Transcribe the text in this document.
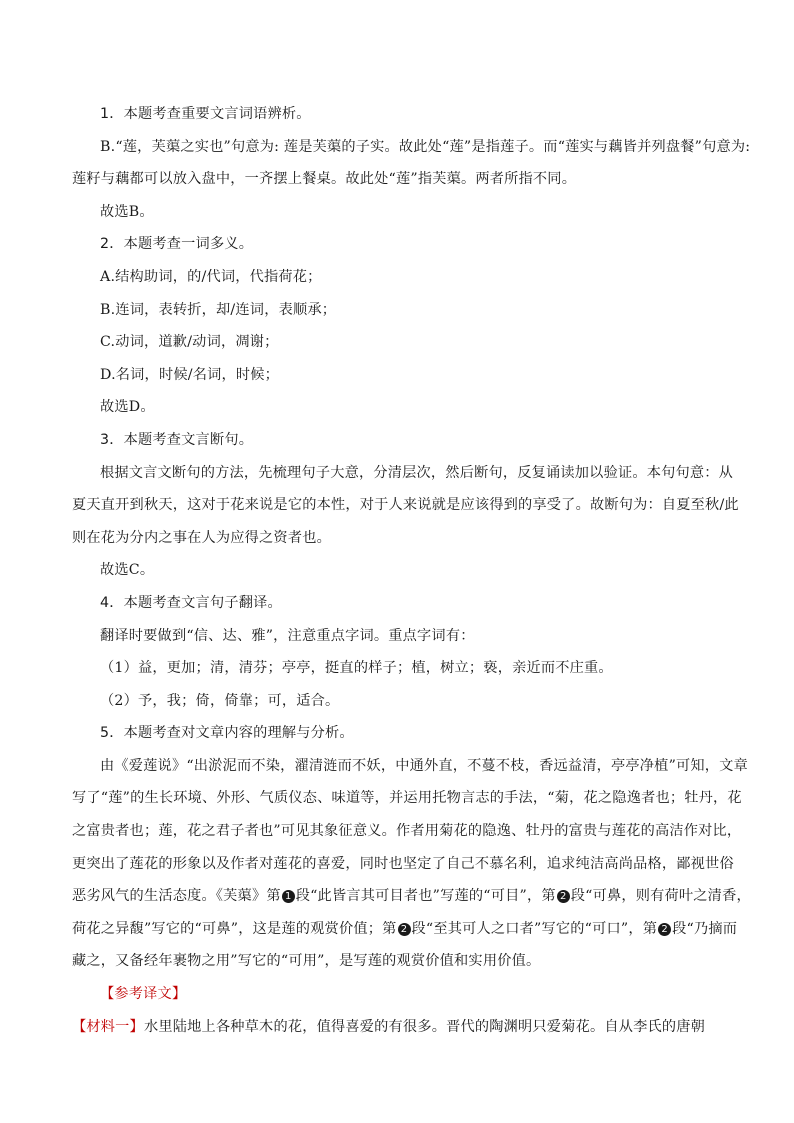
1．本题考查重要文言词语辨析。
B.“莲，芙蕖之实也”句意为: 莲是芙蕖的子实。故此处“莲”是指莲子。而“莲实与藕皆并列盘餐”句意为:
莲籽与藕都可以放入盘中，一齐摆上餐桌。故此处“莲”指芙蕖。两者所指不同。
故选B。
2．本题考查一词多义。
A.结构助词，的/代词，代指荷花；
B.连词，表转折，却/连词，表顺承；
C.动词，道歉/动词，凋谢；
D.名词，时候/名词，时候；
故选D。
3．本题考查文言断句。
根据文言文断句的方法，先梳理句子大意，分清层次，然后断句，反复诵读加以验证。本句句意：从
夏天直开到秋天，这对于花来说是它的本性，对于人来说就是应该得到的享受了。故断句为：自夏至秋/此
则在花为分内之事在人为应得之资者也。
故选C。
4．本题考查文言句子翻译。
翻译时要做到“信、达、雅”，注意重点字词。重点字词有：
（1）益，更加；清，清芬；亭亭，挺直的样子；植，树立；亵，亲近而不庄重。
（2）予，我；倚，倚靠；可，适合。
5．本题考查对文章内容的理解与分析。
由《爱莲说》“出淤泥而不染，濯清涟而不妖，中通外直，不蔓不枝，香远益清，亭亭净植”可知，文章
写了“莲”的生长环境、外形、气质仪态、味道等，并运用托物言志的手法，“菊，花之隐逸者也；牡丹，花
之富贵者也；莲，花之君子者也”可见其象征意义。作者用菊花的隐逸、牡丹的富贵与莲花的高洁作对比，
更突出了莲花的形象以及作者对莲花的喜爱，同时也坚定了自己不慕名利，追求纯洁高尚品格，鄙视世俗
恶劣风气的生活态度。《芙蕖》第 1 段“此皆言其可目者也”写莲的“可目”，第 2 段“可鼻，则有荷叶之清香，
荷花之异馥”写它的“可鼻”，这是莲的观赏价值；第 2 段“至其可人之口者”写它的“可口”，第 2 段“乃摘而
藏之，又备经年裹物之用”写它的“可用”，是写莲的观赏价值和实用价值。
【参考译文】
【材料一】水里陆地上各种草木的花，值得喜爱的有很多。晋代的陶渊明只爱菊花。自从李氏的唐朝
